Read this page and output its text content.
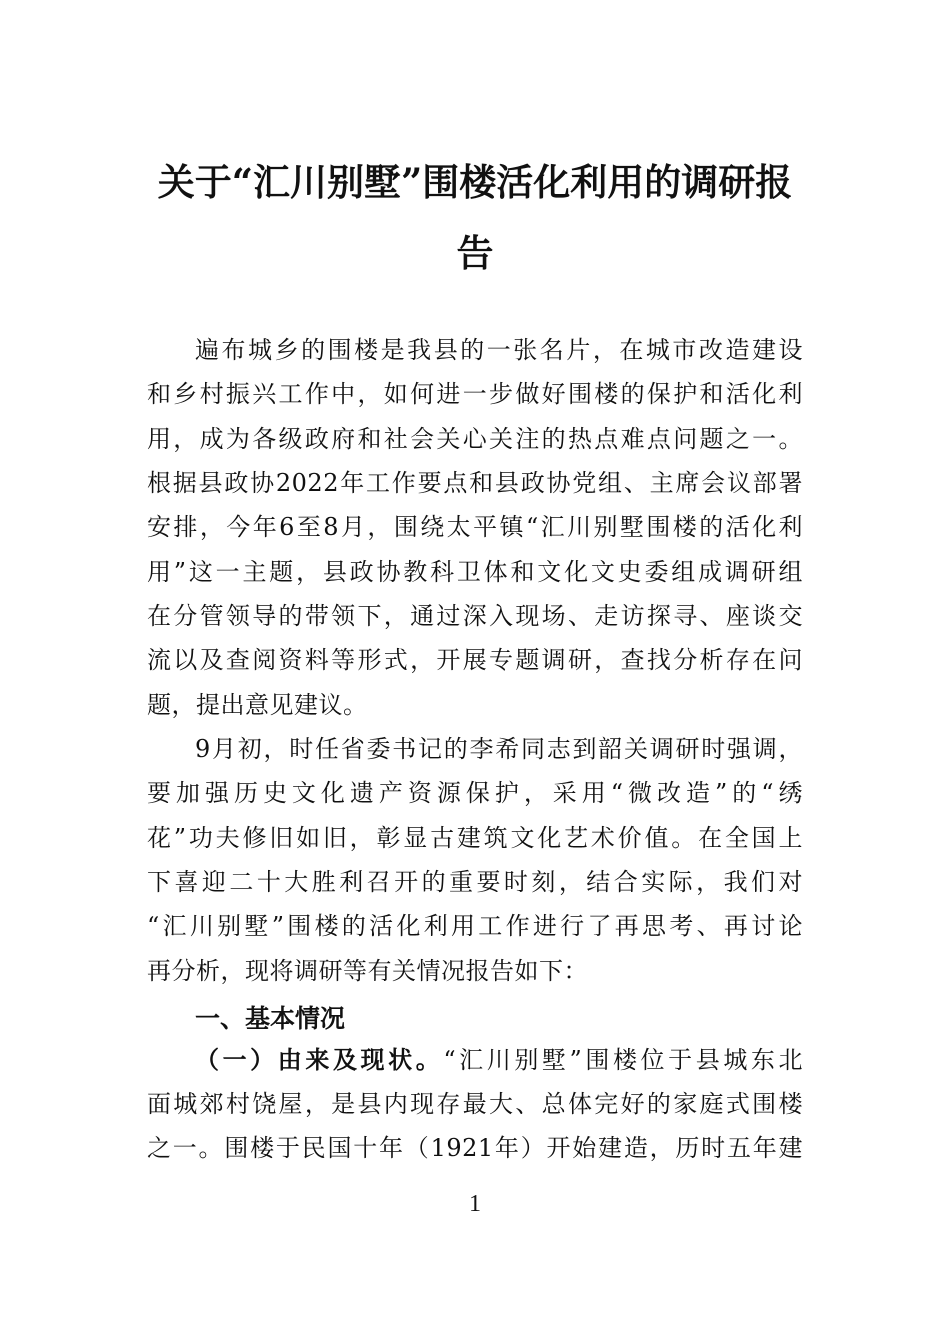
关于“汇川别墅”围楼活化利用的调研报
告
遍布城乡的围楼是我县的一张名片，在城市改造建设
和乡村振兴工作中，如何进一步做好围楼的保护和活化利
用，成为各级政府和社会关心关注的热点难点问题之一。
根据县政协2022年工作要点和县政协党组、主席会议部署
安排，今年6至8月，围绕太平镇“汇川别墅围楼的活化利
用”这一主题，县政协教科卫体和文化文史委组成调研组
在分管领导的带领下，通过深入现场、走访探寻、座谈交
流以及查阅资料等形式，开展专题调研，查找分析存在问
题，提出意见建议。
9月初，时任省委书记的李希同志到韶关调研时强调，
要加强历史文化遗产资源保护，采用“微改造”的“绣
花”功夫修旧如旧，彰显古建筑文化艺术价值。在全国上
下喜迎二十大胜利召开的重要时刻，结合实际，我们对
“汇川别墅”围楼的活化利用工作进行了再思考、再讨论
再分析，现将调研等有关情况报告如下：
一、基本情况
（一）由来及现状。“汇川别墅”围楼位于县城东北
面城郊村饶屋，是县内现存最大、总体完好的家庭式围楼
之一。围楼于民国十年（1921年）开始建造，历时五年建
1
